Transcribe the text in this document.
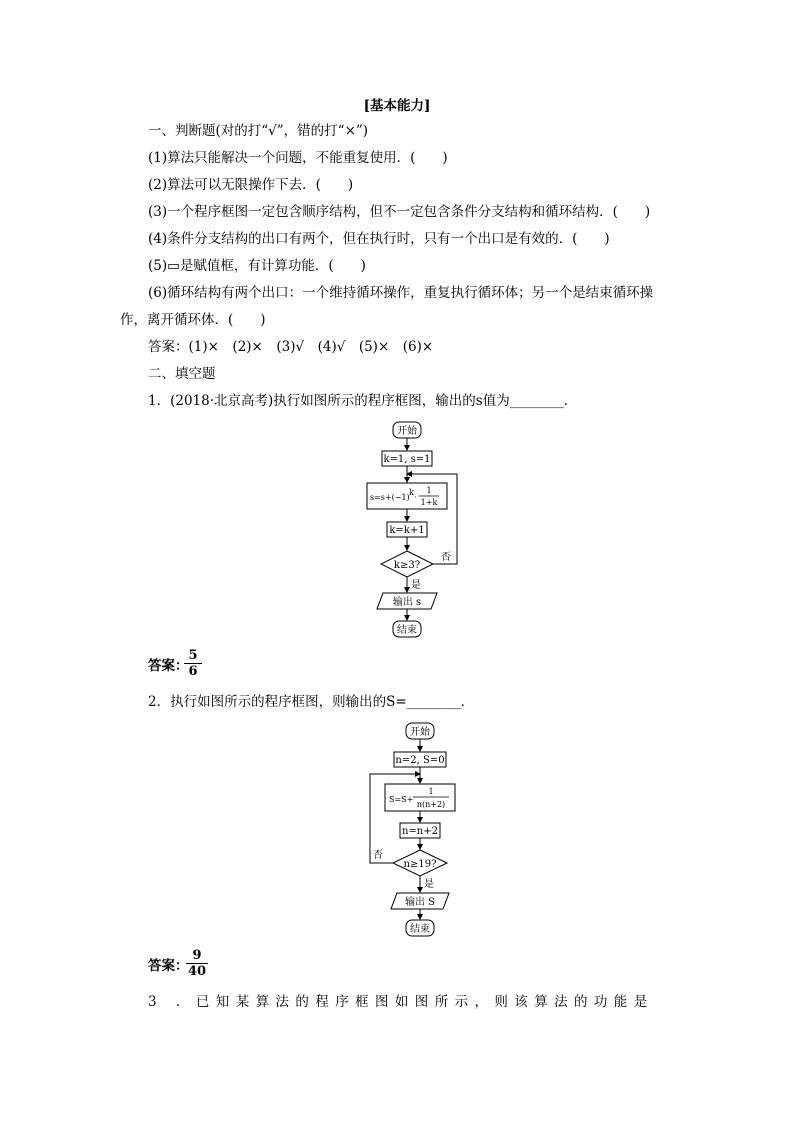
[基本能力]
一、判断题(对的打“√”，错的打“×”)
(1)算法只能解决一个问题，不能重复使用．(　　)
(2)算法可以无限操作下去．(　　)
(3)一个程序框图一定包含顺序结构，但不一定包含条件分支结构和循环结构．(　　)
(4)条件分支结构的出口有两个，但在执行时，只有一个出口是有效的．(　　)
(5)▭是赋值框，有计算功能．(　　)
(6)循环结构有两个出口：一个维持循环操作，重复执行循环体；另一个是结束循环操
作，离开循环体．(　　)
答案：(1)×　(2)×　(3)√　(4)√　(5)×　(6)×
二、填空题
1．(2018·北京高考)执行如图所示的程序框图，输出的s值为________．
开始
k=1, s=1
s=s+(−1)
k
·
1
1+k
k=k+1
k≥3?
否
是
输出 s
结束
答案：
$\frac{5}{6}$
2．执行如图所示的程序框图，则输出的S=________．
开始
n=2, S=0
S=S+
1
n(n+2)
n=n+2
n≥19?
否
是
输出 S
结束
答案：
$\frac{9}{40}$
3 ．已知某算法的程序框图如图所示，则该算法的功能是
